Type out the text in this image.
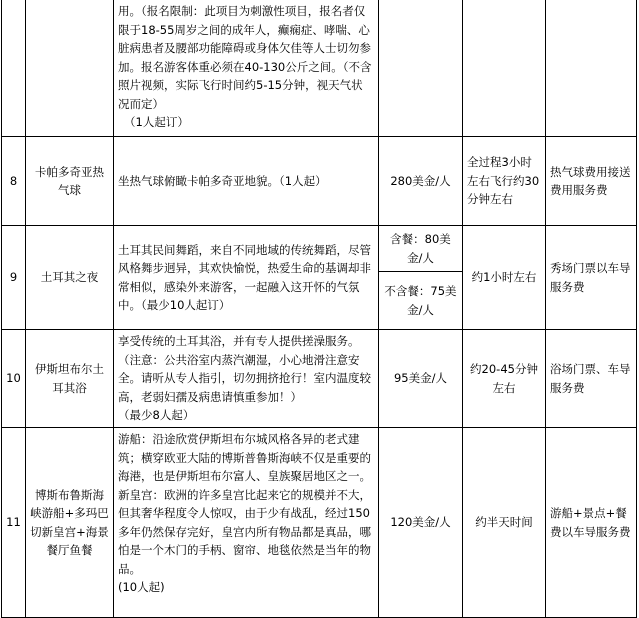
		用。（报名限制：此项目为刺激性项目，报名者仅限于18-55周岁之间的成年人，癫痫症、哮喘、心脏病患者及腰部功能障碍或身体欠佳等人士切勿参加。报名游客体重必须在40-130公斤之间。（不含照片视频，实际飞行时间约5-15分钟，视天气状况而定）
（1人起订）			

8	卡帕多奇亚热气球	坐热气球俯瞰卡帕多奇亚地貌。（1人起）	280美金/人	全过程3小时左右飞行约30分钟左右	热气球费用接送费用服务费
9	土耳其之夜	土耳其民间舞蹈，来自不同地域的传统舞蹈，尽管风格舞步迥异，其欢快愉悦，热爱生命的基调却非常相似，感染外来游客，一起融入这开怀的气氛中。（最少10人起订）	含餐：80美金/人	约1小时左右	秀场门票以车导服务费
			不含餐：75美金/人		
10	伊斯坦布尔土耳其浴	享受传统的土耳其浴，并有专人提供搓澡服务。（注意：公共浴室内蒸汽潮湿，小心地滑注意安全。请听从专人指引，切勿拥挤抢行！室内温度较高，老弱妇孺及病患请慎重参加！）
（最少8人起）	95美金/人	约20-45分钟左右	浴场门票、车导服务费
11	博斯布鲁斯海峡游船+多玛巴切新皇宫+海景餐厅鱼餐	游船：沿途欣赏伊斯坦布尔城风格各异的老式建筑；横穿欧亚大陆的博斯普鲁斯海峡不仅是重要的海港，也是伊斯坦布尔富人、皇族聚居地区之一。
新皇宫：欧洲的许多皇宫比起来它的规模并不大，但其奢华程度令人惊叹，由于少有战乱，经过150多年仍然保存完好，皇宫内所有物品都是真品，哪怕是一个木门的手柄、窗帘、地毯依然是当年的物品。
(10人起)	120美金/人	约半天时间	游船+景点+餐费以车导服务费
